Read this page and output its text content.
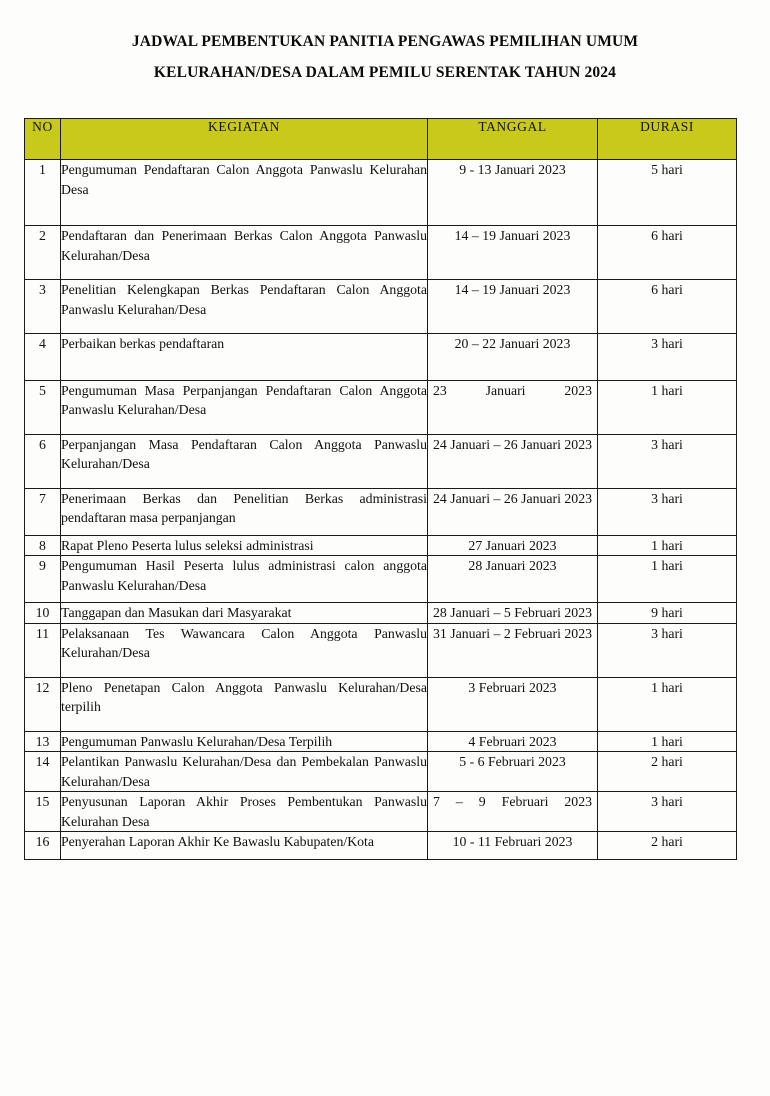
JADWAL PEMBENTUKAN PANITIA PENGAWAS PEMILIHAN UMUM
KELURAHAN/DESA DALAM PEMILU SERENTAK TAHUN 2024
NO	KEGIATAN	TANGGAL	DURASI
1	Pengumuman Pendaftaran Calon Anggota Panwaslu Kelurahan Desa	9 - 13 Januari 2023	5 hari
2	Pendaftaran dan Penerimaan Berkas Calon Anggota Panwaslu Kelurahan/Desa	14 – 19 Januari 2023	6 hari
3	Penelitian Kelengkapan Berkas Pendaftaran Calon Anggota Panwaslu Kelurahan/Desa	14 – 19 Januari 2023	6 hari
4	Perbaikan berkas pendaftaran	20 – 22 Januari 2023	3 hari
5	Pengumuman Masa Perpanjangan Pendaftaran Calon Anggota Panwaslu Kelurahan/Desa	23 Januari 2023	1 hari
6	Perpanjangan Masa Pendaftaran Calon Anggota Panwaslu Kelurahan/Desa	24 Januari – 26 Januari 2023	3 hari
7	Penerimaan Berkas dan Penelitian Berkas administrasi pendaftaran masa perpanjangan	24 Januari – 26 Januari 2023	3 hari
8	Rapat Pleno Peserta lulus seleksi administrasi	27 Januari 2023	1 hari
9	Pengumuman Hasil Peserta lulus administrasi calon anggota Panwaslu Kelurahan/Desa	28 Januari 2023	1 hari
10	Tanggapan dan Masukan dari Masyarakat	28 Januari – 5 Februari 2023	9 hari
11	Pelaksanaan Tes Wawancara Calon Anggota Panwaslu Kelurahan/Desa	31 Januari – 2 Februari 2023	3 hari
12	Pleno Penetapan Calon Anggota Panwaslu Kelurahan/Desa terpilih	3 Februari 2023	1 hari
13	Pengumuman Panwaslu Kelurahan/Desa Terpilih	4 Februari 2023	1 hari
14	Pelantikan Panwaslu Kelurahan/Desa dan Pembekalan Panwaslu Kelurahan/Desa	5 - 6 Februari 2023	2 hari
15	Penyusunan Laporan Akhir Proses Pembentukan Panwaslu Kelurahan Desa	7 – 9 Februari 2023	3 hari
16	Penyerahan Laporan Akhir Ke Bawaslu Kabupaten/Kota	10 - 11 Februari 2023	2 hari
